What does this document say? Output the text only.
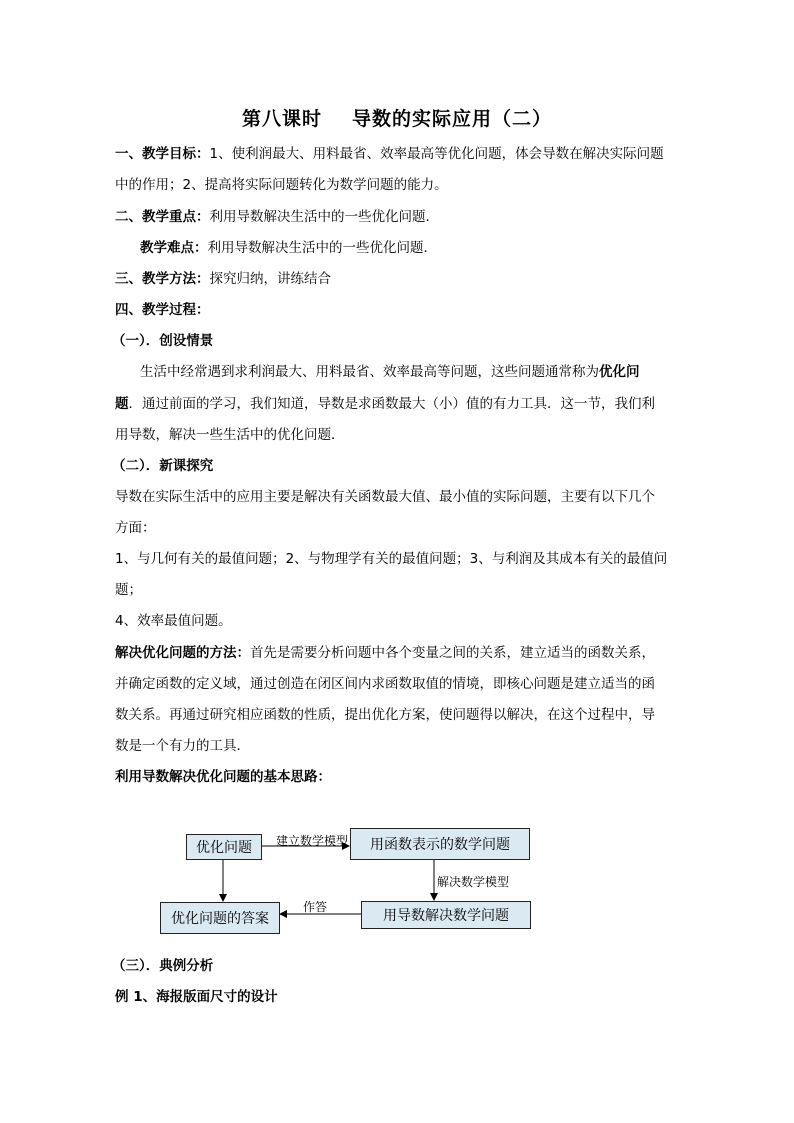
第八课时 导数的实际应用（二）
一、教学目标：1、使利润最大、用料最省、效率最高等优化问题，体会导数在解决实际问题
中的作用；2、提高将实际问题转化为数学问题的能力。
二、教学重点：利用导数解决生活中的一些优化问题．
教学难点：利用导数解决生活中的一些优化问题．
三、教学方法：探究归纳，讲练结合
四、教学过程：
（一）．创设情景
生活中经常遇到求利润最大、用料最省、效率最高等问题，这些问题通常称为优化问
题．通过前面的学习，我们知道，导数是求函数最大（小）值的有力工具．这一节，我们利
用导数，解决一些生活中的优化问题．
（二）．新课探究
导数在实际生活中的应用主要是解决有关函数最大值、最小值的实际问题，主要有以下几个
方面：
1、与几何有关的最值问题；2、与物理学有关的最值问题；3、与利润及其成本有关的最值问
题；
4、效率最值问题。
解决优化问题的方法：首先是需要分析问题中各个变量之间的关系，建立适当的函数关系，
并确定函数的定义域，通过创造在闭区间内求函数取值的情境，即核心问题是建立适当的函
数关系。再通过研究相应函数的性质，提出优化方案，使问题得以解决，在这个过程中，导
数是一个有力的工具．
利用导数解决优化问题的基本思路：
优化问题	用函数表示的数学问题
用导数解决数学问题
优化问题的答案
建立数学模型
解决数学模型
作答
（三）．典例分析
例 1、海报版面尺寸的设计
